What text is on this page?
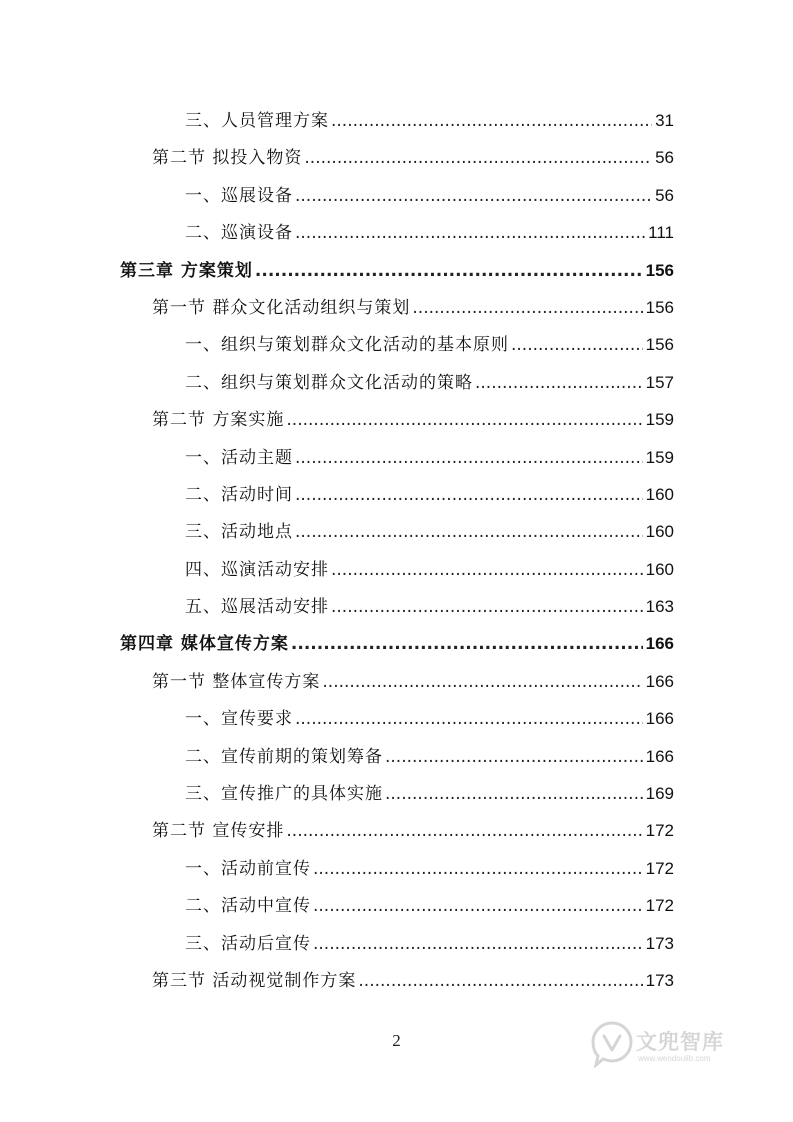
三、人员管理方案 .....	31
第二节 拟投入物资 .....	56
一、巡展设备 .....	56
二、巡演设备 .....	111
第三章 方案策划 .....	156
第一节 群众文化活动组织与策划 .....	156
一、组织与策划群众文化活动的基本原则 .....	156
二、组织与策划群众文化活动的策略 .....	157
第二节 方案实施 .....	159
一、活动主题 .....	159
二、活动时间 .....	160
三、活动地点 .....	160
四、巡演活动安排 .....	160
五、巡展活动安排 .....	163
第四章 媒体宣传方案 .....	166
第一节 整体宣传方案 .....	166
一、宣传要求 .....	166
二、宣传前期的策划筹备 .....	166
三、宣传推广的具体实施 .....	169
第二节 宣传安排 .....	172
一、活动前宣传 .....	172
二、活动中宣传 .....	172
三、活动后宣传 .....	173
第三节 活动视觉制作方案 .....	173
2	文兜智库
www.wendoulib.com
